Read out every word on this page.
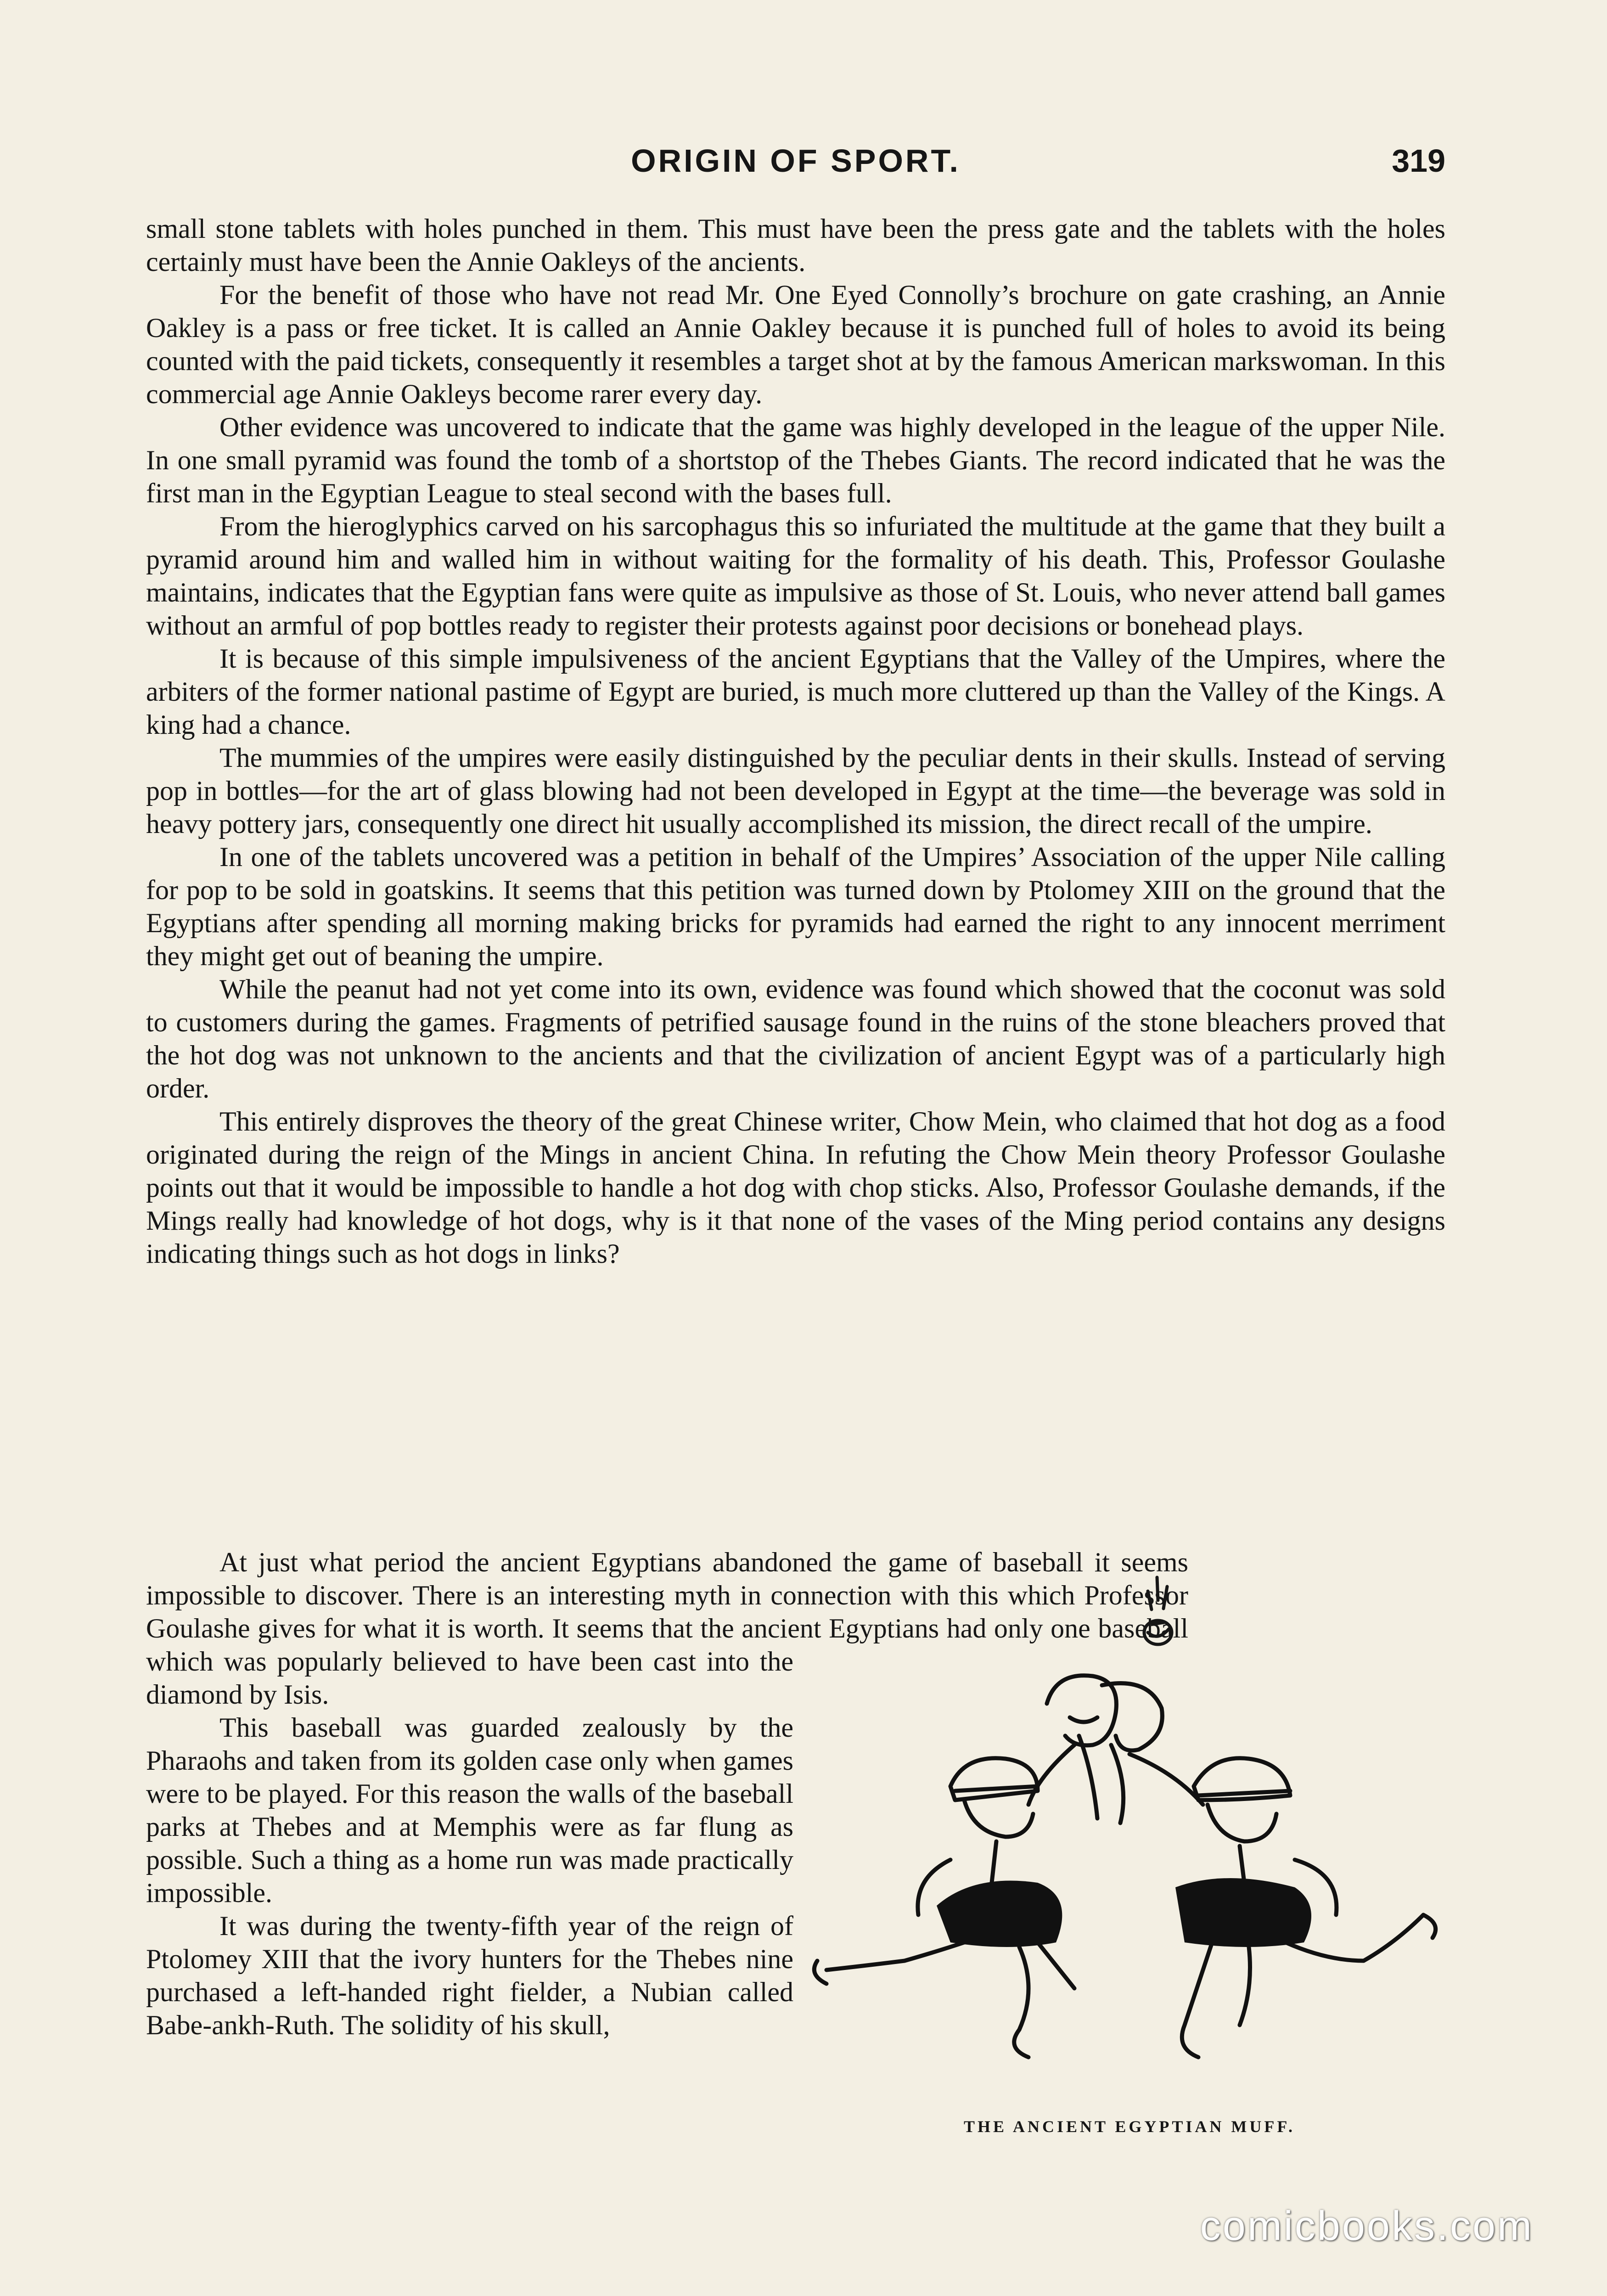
ORIGIN OF SPORT.	319

small stone tablets with holes punched in them. This must have been the press gate and the tablets with the holes certainly must have been the Annie Oakleys of the ancients.

For the benefit of those who have not read Mr. One Eyed Connolly’s brochure on gate crashing, an Annie Oakley is a pass or free ticket. It is called an Annie Oakley because it is punched full of holes to avoid its being counted with the paid tickets, consequently it resembles a target shot at by the famous American markswoman. In this commercial age Annie Oakleys become rarer every day.

Other evidence was uncovered to indicate that the game was highly developed in the league of the upper Nile. In one small pyramid was found the tomb of a shortstop of the Thebes Giants. The record indicated that he was the first man in the Egyptian League to steal second with the bases full.

From the hieroglyphics carved on his sarcophagus this so infuriated the multitude at the game that they built a pyramid around him and walled him in without waiting for the formality of his death. This, Professor Goulashe maintains, indicates that the Egyptian fans were quite as impulsive as those of St. Louis, who never attend ball games without an armful of pop bottles ready to register their protests against poor decisions or bonehead plays.

It is because of this simple impulsiveness of the ancient Egyptians that the Valley of the Umpires, where the arbiters of the former national pastime of Egypt are buried, is much more cluttered up than the Valley of the Kings. A king had a chance.

The mummies of the umpires were easily distinguished by the peculiar dents in their skulls. Instead of serving pop in bottles—for the art of glass blowing had not been developed in Egypt at the time—the beverage was sold in heavy pottery jars, consequently one direct hit usually accomplished its mission, the direct recall of the umpire.

In one of the tablets uncovered was a petition in behalf of the Umpires’ Association of the upper Nile calling for pop to be sold in goatskins. It seems that this petition was turned down by Ptolomey XIII on the ground that the Egyptians after spending all morning making bricks for pyramids had earned the right to any innocent merriment they might get out of beaning the umpire.

While the peanut had not yet come into its own, evidence was found which showed that the coconut was sold to customers during the games. Fragments of petrified sausage found in the ruins of the stone bleachers proved that the hot dog was not unknown to the ancients and that the civilization of ancient Egypt was of a particularly high order.

This entirely disproves the theory of the great Chinese writer, Chow Mein, who claimed that hot dog as a food originated during the reign of the Mings in ancient China. In refuting the Chow Mein theory Professor Goulashe points out that it would be impossible to handle a hot dog with chop sticks. Also, Professor Goulashe demands, if the Mings really had knowledge of hot dogs, why is it that none of the vases of the Ming period contains any designs indicating things such as hot dogs in links?

At just what period the ancient Egyptians abandoned the game of baseball it seems impossible to discover. There is an interesting myth in connection with this which Professor Goulashe gives for what it is worth. It seems that the ancient Egyptians had only one baseball which was popularly believed to have been cast into the diamond by Isis.

This baseball was guarded zealously by the Pharaohs and taken from its golden case only when games were to be played. For this reason the walls of the baseball parks at Thebes and at Memphis were as far flung as possible. Such a thing as a home run was made practically impossible.

It was during the twenty-fifth year of the reign of Ptolomey XIII that the ivory hunters for the Thebes nine purchased a left-handed right fielder, a Nubian called Babe-ankh-Ruth. The solidity of his skull,

THE ANCIENT EGYPTIAN MUFF.
comicbooks.com
